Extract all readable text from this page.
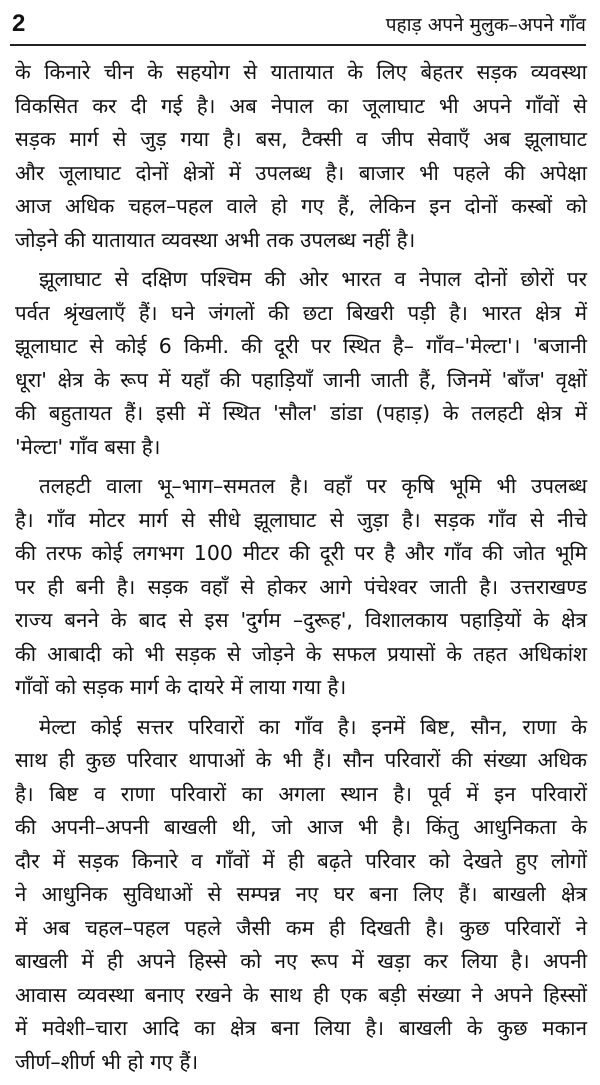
2	पहाड़ अपने मुलुक–अपने गाँव
के किनारे चीन के सहयोग से यातायात के लिए बेहतर सड़क व्यवस्था
विकसित कर दी गई है। अब नेपाल का जूलाघाट भी अपने गाँवों से
सड़क मार्ग से जुड़ गया है। बस, टैक्सी व जीप सेवाएँ अब झूलाघाट
और जूलाघाट दोनों क्षेत्रों में उपलब्ध है। बाजार भी पहले की अपेक्षा
आज अधिक चहल–पहल वाले हो गए हैं, लेकिन इन दोनों कस्बों को
जोड़ने की यातायात व्यवस्था अभी तक उपलब्ध नहीं है।
झूलाघाट से दक्षिण पश्चिम की ओर भारत व नेपाल दोनों छोरों पर
पर्वत श्रृंखलाएँ हैं। घने जंगलों की छटा बिखरी पड़ी है। भारत क्षेत्र में
झूलाघाट से कोई 6 किमी. की दूरी पर स्थित है– गाँव–'मेल्टा'। 'बजानी
धूरा' क्षेत्र के रूप में यहाँ की पहाड़ियाँ जानी जाती हैं, जिनमें 'बाँज' वृक्षों
की बहुतायत हैं। इसी में स्थित 'सौल' डांडा (पहाड़) के तलहटी क्षेत्र में
'मेल्टा' गाँव बसा है।
तलहटी वाला भू–भाग–समतल है। वहाँ पर कृषि भूमि भी उपलब्ध
है। गाँव मोटर मार्ग से सीधे झूलाघाट से जुड़ा है। सड़क गाँव से नीचे
की तरफ कोई लगभग 100 मीटर की दूरी पर है और गाँव की जोत भूमि
पर ही बनी है। सड़क वहाँ से होकर आगे पंचेश्वर जाती है। उत्तराखण्ड
राज्य बनने के बाद से इस 'दुर्गम –दुरूह', विशालकाय पहाड़ियों के क्षेत्र
की आबादी को भी सड़क से जोड़ने के सफल प्रयासों के तहत अधिकांश
गाँवों को सड़क मार्ग के दायरे में लाया गया है।
मेल्टा कोई सत्तर परिवारों का गाँव है। इनमें बिष्ट, सौन, राणा के
साथ ही कुछ परिवार थापाओं के भी हैं। सौन परिवारों की संख्या अधिक
है। बिष्ट व राणा परिवारों का अगला स्थान है। पूर्व में इन परिवारों
की अपनी–अपनी बाखली थी, जो आज भी है। किंतु आधुनिकता के
दौर में सड़क किनारे व गाँवों में ही बढ़ते परिवार को देखते हुए लोगों
ने आधुनिक सुविधाओं से सम्पन्न नए घर बना लिए हैं। बाखली क्षेत्र
में अब चहल–पहल पहले जैसी कम ही दिखती है। कुछ परिवारों ने
बाखली में ही अपने हिस्से को नए रूप में खड़ा कर लिया है। अपनी
आवास व्यवस्था बनाए रखने के साथ ही एक बड़ी संख्या ने अपने हिस्सों
में मवेशी–चारा आदि का क्षेत्र बना लिया है। बाखली के कुछ मकान
जीर्ण–शीर्ण भी हो गए हैं।
